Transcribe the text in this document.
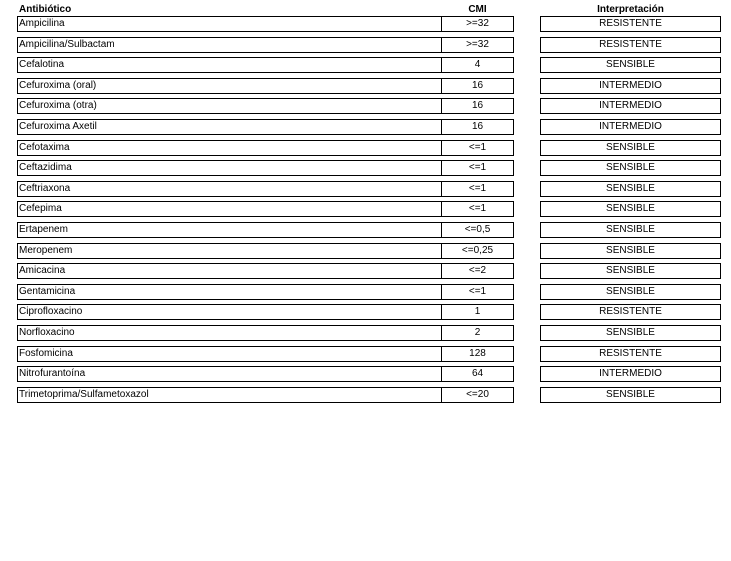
Antibiótico	CMI	Interpretación
Ampicilina	>=32	RESISTENTE
Ampicilina/Sulbactam	>=32	RESISTENTE
Cefalotina	4	SENSIBLE
Cefuroxima (oral)	16	INTERMEDIO
Cefuroxima (otra)	16	INTERMEDIO
Cefuroxima Axetil	16	INTERMEDIO
Cefotaxima	<=1	SENSIBLE
Ceftazidima	<=1	SENSIBLE
Ceftriaxona	<=1	SENSIBLE
Cefepima	<=1	SENSIBLE
Ertapenem	<=0,5	SENSIBLE
Meropenem	<=0,25	SENSIBLE
Amicacina	<=2	SENSIBLE
Gentamicina	<=1	SENSIBLE
Ciprofloxacino	1	RESISTENTE
Norfloxacino	2	SENSIBLE
Fosfomicina	128	RESISTENTE
Nitrofurantoína	64	INTERMEDIO
Trimetoprima/Sulfametoxazol	<=20	SENSIBLE
